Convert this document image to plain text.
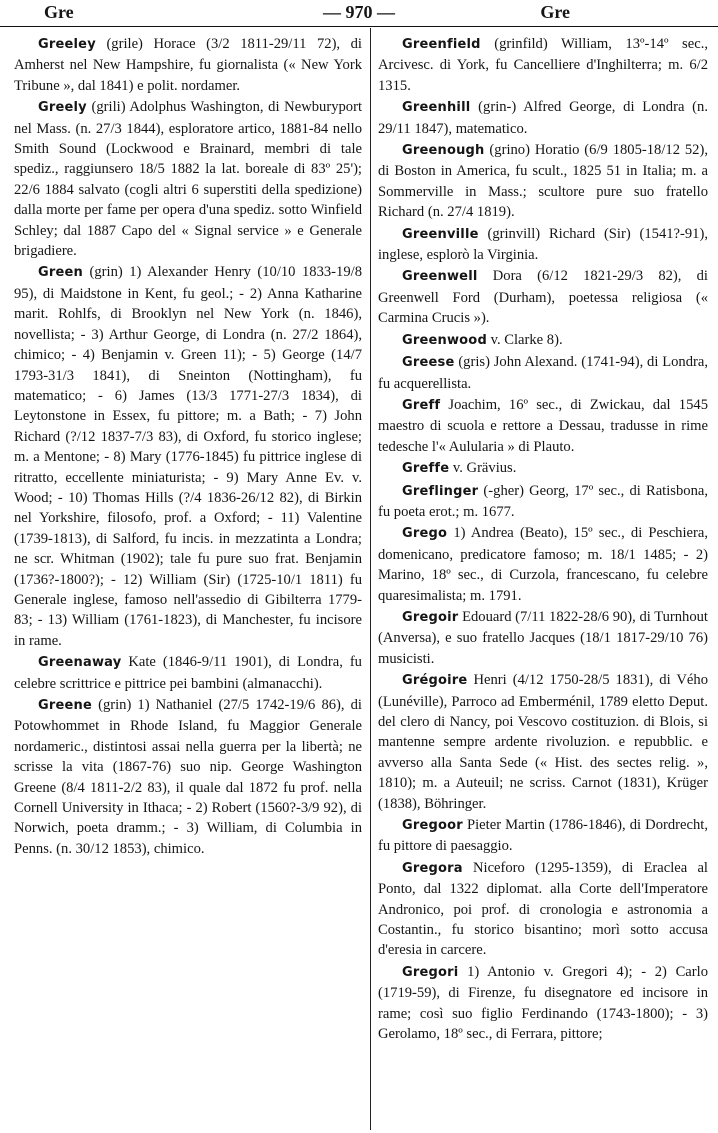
Gre	— 970 —	Gre

Greeley (grile) Horace (3/2 1811-29/11 72), di Amherst nel New Hampshire, fu giornalista (« New York Tribune », dal 1841) e polit. nordamer.

Greely (grili) Adolphus Washington, di Newburyport nel Mass. (n. 27/3 1844), esploratore artico, 1881-84 nello Smith Sound (Lockwood e Brainard, membri di tale spediz., raggiunsero 18/5 1882 la lat. boreale di 83º 25'); 22/6 1884 salvato (cogli altri 6 superstiti della spedizione) dalla morte per fame per opera d'una spediz. sotto Winfield Schley; dal 1887 Capo del « Signal service » e Generale brigadiere.

Green (grin) 1) Alexander Henry (10/10 1833-19/8 95), di Maidstone in Kent, fu geol.; - 2) Anna Katharine marit. Rohlfs, di Brooklyn nel New York (n. 1846), novellista; - 3) Arthur George, di Londra (n. 27/2 1864), chimico; - 4) Benjamin v. Green 11); - 5) George (14/7 1793-31/3 1841), di Sneinton (Nottingham), fu matematico; - 6) James (13/3 1771-27/3 1834), di Leytonstone in Essex, fu pittore; m. a Bath; - 7) John Richard (?/12 1837-7/3 83), di Oxford, fu storico inglese; m. a Mentone; - 8) Mary (1776-1845) fu pittrice inglese di ritratto, eccellente miniaturista; - 9) Mary Anne Ev. v. Wood; - 10) Thomas Hills (?/4 1836-26/12 82), di Birkin nel Yorkshire, filosofo, prof. a Oxford; - 11) Valentine (1739-1813), di Salford, fu incis. in mezzatinta a Londra; ne scr. Whitman (1902); tale fu pure suo frat. Benjamin (1736?-1800?); - 12) William (Sir) (1725-10/1 1811) fu Generale inglese, famoso nell'assedio di Gibilterra 1779-83; - 13) William (1761-1823), di Manchester, fu incisore in rame.

Greenaway Kate (1846-9/11 1901), di Londra, fu celebre scrittrice e pittrice pei bambini (almanacchi).

Greene (grin) 1) Nathaniel (27/5 1742-19/6 86), di Potowhommet in Rhode Island, fu Maggior Generale nordameric., distintosi assai nella guerra per la libertà; ne scrisse la vita (1867-76) suo nip. George Washington Greene (8/4 1811-2/2 83), il quale dal 1872 fu prof. nella Cornell University in Ithaca; - 2) Robert (1560?-3/9 92), di Norwich, poeta dramm.; - 3) William, di Columbia in Penns. (n. 30/12 1853), chimico.

Greenfield (grinfild) William, 13º-14º sec., Arcivesc. di York, fu Cancelliere d'Inghilterra; m. 6/2 1315.

Greenhill (grin-) Alfred George, di Londra (n. 29/11 1847), matematico.

Greenough (grino) Horatio (6/9 1805-18/12 52), di Boston in America, fu scult., 1825 51 in Italia; m. a Sommerville in Mass.; scultore pure suo fratello Richard (n. 27/4 1819).

Greenville (grinvill) Richard (Sir) (1541?-91), inglese, esplorò la Virginia.

Greenwell Dora (6/12 1821-29/3 82), di Greenwell Ford (Durham), poetessa religiosa (« Carmina Crucis »).

Greenwood v. Clarke 8).

Greese (gris) John Alexand. (1741-94), di Londra, fu acquerellista.

Greff Joachim, 16º sec., di Zwickau, dal 1545 maestro di scuola e rettore a Dessau, tradusse in rime tedesche l'« Aulularia » di Plauto.

Greffe v. Grävius.

Greflinger (-gher) Georg, 17º sec., di Ratisbona, fu poeta erot.; m. 1677.

Grego 1) Andrea (Beato), 15º sec., di Peschiera, domenicano, predicatore famoso; m. 18/1 1485; - 2) Marino, 18º sec., di Curzola, francescano, fu celebre quaresimalista; m. 1791.

Gregoir Edouard (7/11 1822-28/6 90), di Turnhout (Anversa), e suo fratello Jacques (18/1 1817-29/10 76) musicisti.

Grégoire Henri (4/12 1750-28/5 1831), di Vého (Lunéville), Parroco ad Emberménil, 1789 eletto Deput. del clero di Nancy, poi Vescovo costituzion. di Blois, si mantenne sempre ardente rivoluzion. e repubblic. e avverso alla Santa Sede (« Hist. des sectes relig. », 1810); m. a Auteuil; ne scriss. Carnot (1831), Krüger (1838), Böhringer.

Gregoor Pieter Martin (1786-1846), di Dordrecht, fu pittore di paesaggio.

Gregora Niceforo (1295-1359), di Eraclea al Ponto, dal 1322 diplomat. alla Corte dell'Imperatore Andronico, poi prof. di cronologia e astronomia a Costantin., fu storico bisantino; morì sotto accusa d'eresia in carcere.

Gregori 1) Antonio v. Gregori 4); - 2) Carlo (1719-59), di Firenze, fu disegnatore ed incisore in rame; così suo figlio Ferdinando (1743-1800); - 3) Gerolamo, 18º sec., di Ferrara, pittore;
